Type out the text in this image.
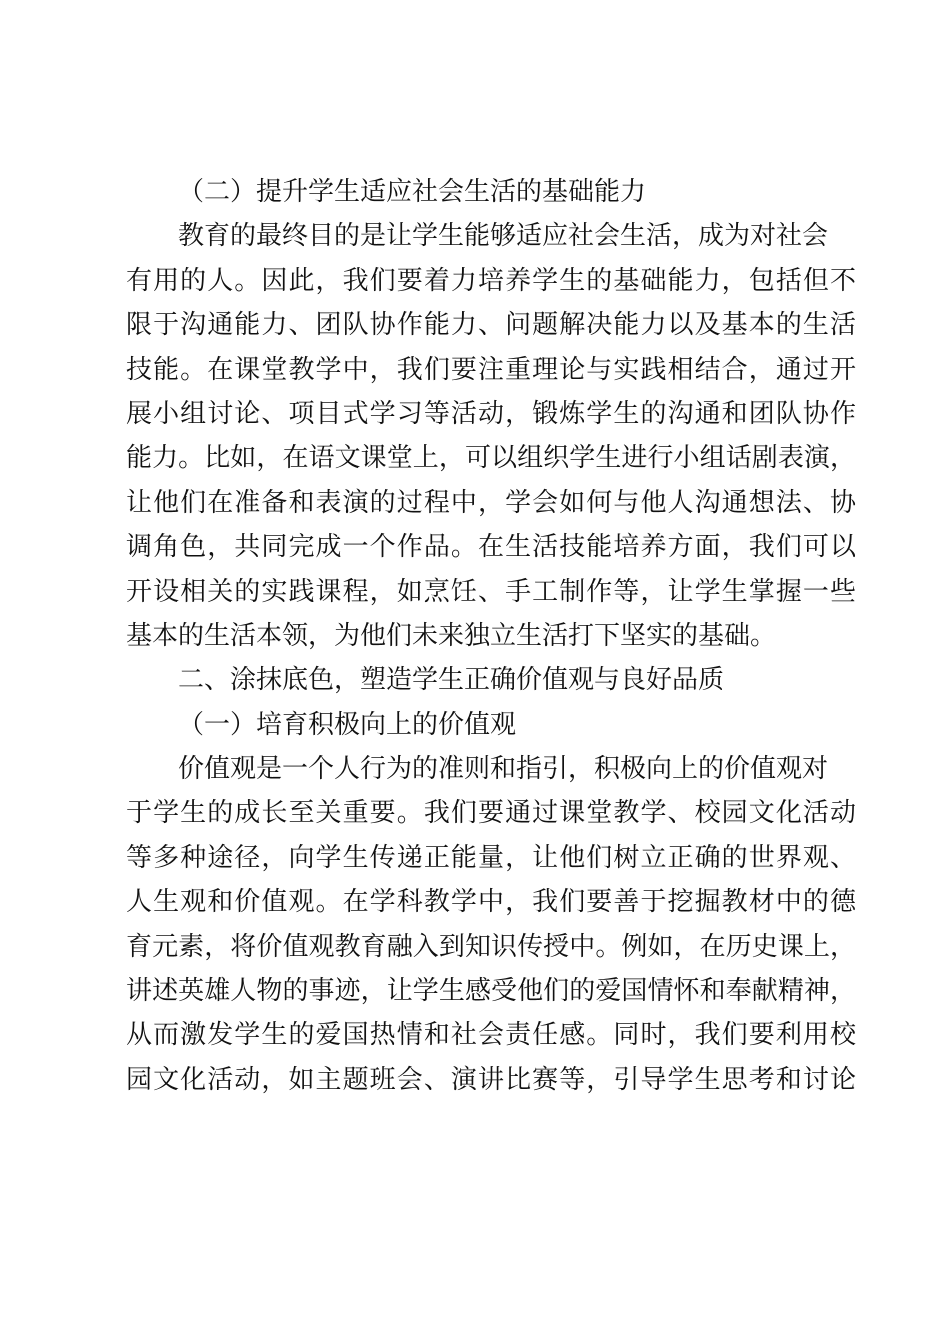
（二）提升学生适应社会生活的基础能力
教育的最终目的是让学生能够适应社会生活，成为对社会
有用的人。因此，我们要着力培养学生的基础能力，包括但不
限于沟通能力、团队协作能力、问题解决能力以及基本的生活
技能。在课堂教学中，我们要注重理论与实践相结合，通过开
展小组讨论、项目式学习等活动，锻炼学生的沟通和团队协作
能力。比如，在语文课堂上，可以组织学生进行小组话剧表演，
让他们在准备和表演的过程中，学会如何与他人沟通想法、协
调角色，共同完成一个作品。在生活技能培养方面，我们可以
开设相关的实践课程，如烹饪、手工制作等，让学生掌握一些
基本的生活本领，为他们未来独立生活打下坚实的基础。
二、涂抹底色，塑造学生正确价值观与良好品质
（一）培育积极向上的价值观
价值观是一个人行为的准则和指引，积极向上的价值观对
于学生的成长至关重要。我们要通过课堂教学、校园文化活动
等多种途径，向学生传递正能量，让他们树立正确的世界观、
人生观和价值观。在学科教学中，我们要善于挖掘教材中的德
育元素，将价值观教育融入到知识传授中。例如，在历史课上，
讲述英雄人物的事迹，让学生感受他们的爱国情怀和奉献精神，
从而激发学生的爱国热情和社会责任感。同时，我们要利用校
园文化活动，如主题班会、演讲比赛等，引导学生思考和讨论
